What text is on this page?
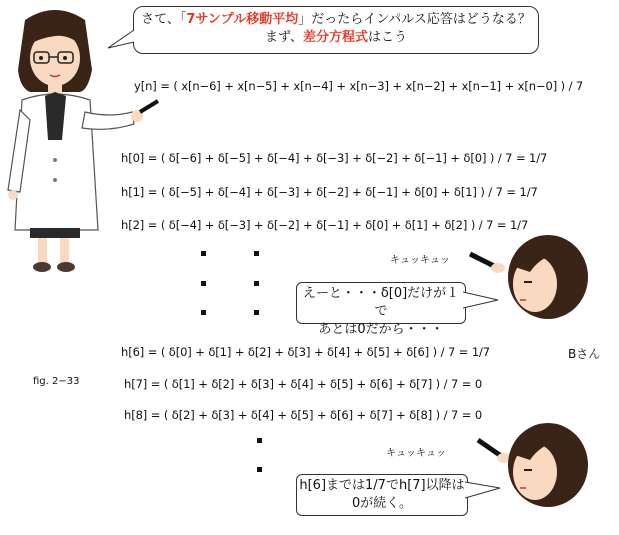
さて、「7サンプル移動平均」だったらインパルス応答はどうなる？
まず、差分方程式はこう
y[n] = ( x[n−6] + x[n−5] + x[n−4] + x[n−3] + x[n−2] + x[n−1] + x[n−0] ) / 7
h[0] = ( δ[−6] + δ[−5] + δ[−4] + δ[−3] + δ[−2] + δ[−1] + δ[0] ) / 7 = 1/7
h[1] = ( δ[−5] + δ[−4] + δ[−3] + δ[−2] + δ[−1] + δ[0] + δ[1] ) / 7 = 1/7
h[2] = ( δ[−4] + δ[−3] + δ[−2] + δ[−1] + δ[0] + δ[1] + δ[2] ) / 7 = 1/7
h[6] = ( δ[0] + δ[1] + δ[2] + δ[3] + δ[4] + δ[5] + δ[6] ) / 7 = 1/7
h[7] = ( δ[1] + δ[2] + δ[3] + δ[4] + δ[5] + δ[6] + δ[7] ) / 7 = 0
h[8] = ( δ[2] + δ[3] + δ[4] + δ[5] + δ[6] + δ[7] + δ[8] ) / 7 = 0
fig. 2−33
キュッキュッ
キュッキュッ
Bさん
えーと・・・δ[0]だけが１で
あとは0だから・・・
h[6]までは1/7でh[7]以降は
0が続く。
